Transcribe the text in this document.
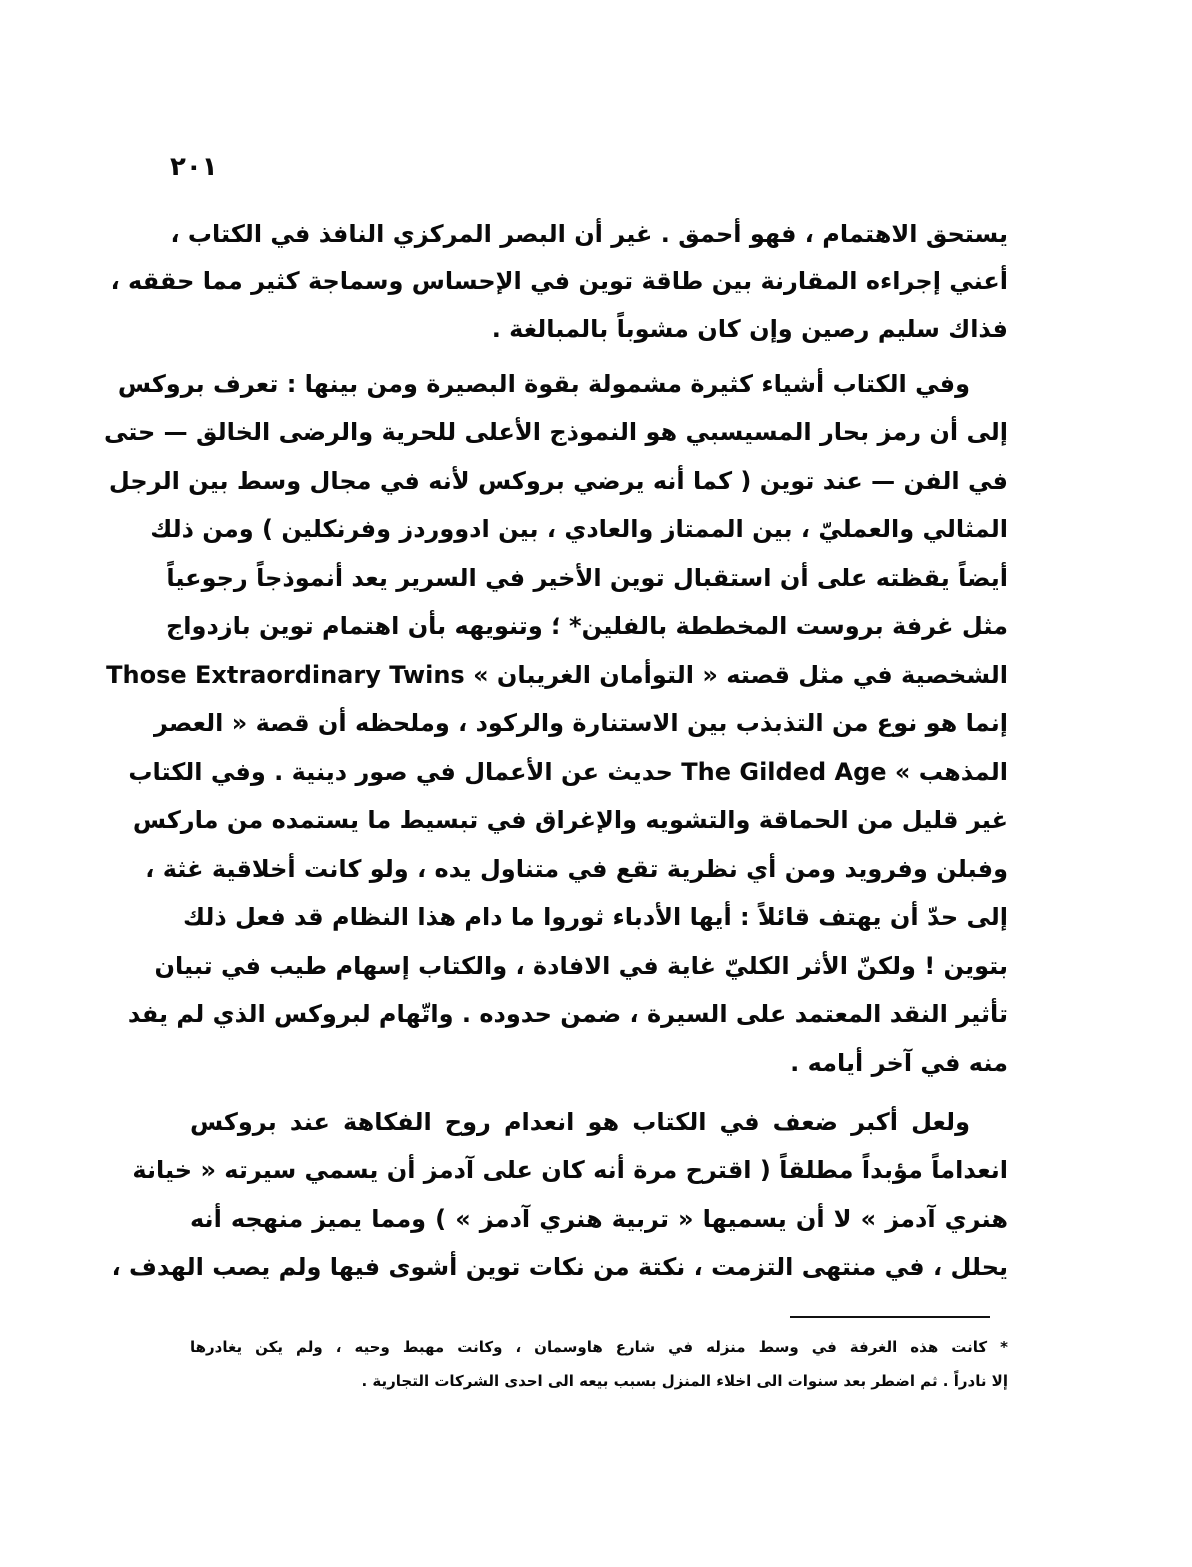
٢٠١
يستحق الاهتمام ، فهو أحمق . غير أن البصر المركزي النافذ في الكتاب ،
أعني إجراءه المقارنة بين طاقة توين في الإحساس وسماجة كثير مما حققه ،
فذاك سليم رصين وإن كان مشوباً بالمبالغة .
وفي الكتاب أشياء كثيرة مشمولة بقوة البصيرة ومن بينها : تعرف بروكس
إلى أن رمز بحار المسيسبي هو النموذج الأعلى للحرية والرضى الخالق — حتى
في الفن — عند توين ( كما أنه يرضي بروكس لأنه في مجال وسط بين الرجل
المثالي والعمليّ ، بين الممتاز والعادي ، بين ادووردز وفرنكلين ) ومن ذلك
أيضاً يقظته على أن استقبال توين الأخير في السرير يعد أنموذجاً رجوعياً
مثل غرفة بروست المخططة بالفلين* ؛ وتنويهه بأن اهتمام توين بازدواج
الشخصية في مثل قصته « التوأمان الغريبان » Those Extraordinary Twins
إنما هو نوع من التذبذب بين الاستنارة والركود ، وملحظه أن قصة « العصر
المذهب » The Gilded Age حديث عن الأعمال في صور دينية . وفي الكتاب
غير قليل من الحماقة والتشويه والإغراق في تبسيط ما يستمده من ماركس
وفبلن وفرويد ومن أي نظرية تقع في متناول يده ، ولو كانت أخلاقية غثة ،
إلى حدّ أن يهتف قائلاً : أيها الأدباء ثوروا ما دام هذا النظام قد فعل ذلك
بتوين ! ولكنّ الأثر الكليّ غاية في الافادة ، والكتاب إسهام طيب في تبيان
تأثير النقد المعتمد على السيرة ، ضمن حدوده . واتّهام لبروكس الذي لم يفد
منه في آخر أيامه .
ولعل أكبر ضعف في الكتاب هو انعدام روح الفكاهة عند بروكس
انعداماً مؤبداً مطلقاً ( اقترح مرة أنه كان على آدمز أن يسمي سيرته « خيانة
هنري آدمز » لا أن يسميها « تربية هنري آدمز » ) ومما يميز منهجه أنه
يحلل ، في منتهى التزمت ، نكتة من نكات توين أشوى فيها ولم يصب الهدف ،
* كانت هذه الغرفة في وسط منزله في شارع هاوسمان ، وكانت مهبط وحيه ، ولم يكن يغادرها
إلا نادراً . ثم اضطر بعد سنوات الى اخلاء المنزل بسبب بيعه الى احدى الشركات التجارية .
